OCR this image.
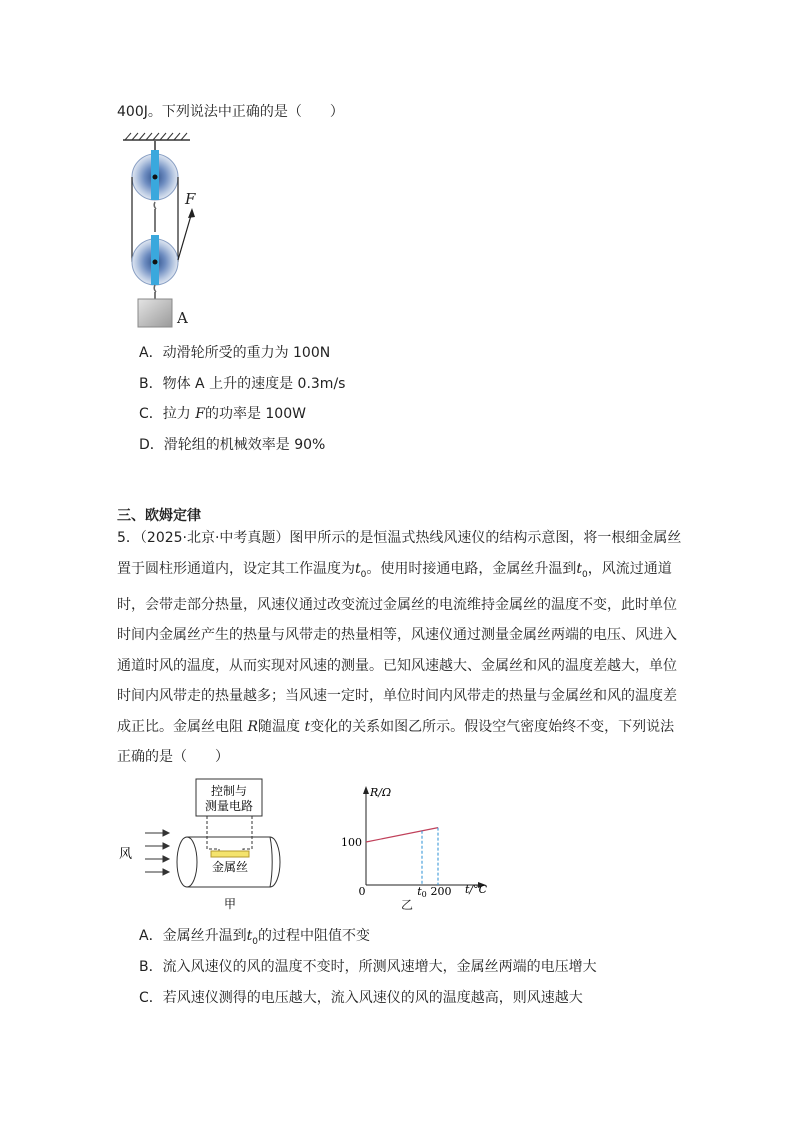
400J。下列说法中正确的是（　　）
F
A
A．动滑轮所受的重力为 100N
B．物体 A 上升的速度是 0.3m/s
C．拉力 F的功率是 100W
D．滑轮组的机械效率是 90%
三、欧姆定律
5．（2025·北京·中考真题）图甲所示的是恒温式热线风速仪的结构示意图，将一根细金属丝置于圆柱形通道内，设定其工作温度为$t_0$。使用时接通电路，金属丝升温到$t_0$，风流过通道时，会带走部分热量，风速仪通过改变流过金属丝的电流维持金属丝的温度不变，此时单位时间内金属丝产生的热量与风带走的热量相等，风速仪通过测量金属丝两端的电压、风进入通道时风的温度，从而实现对风速的测量。已知风速越大、金属丝和风的温度差越大，单位时间内风带走的热量越多；当风速一定时，单位时间内风带走的热量与金属丝和风的温度差成正比。金属丝电阻 R随温度 t变化的关系如图乙所示。假设空气密度始终不变，下列说法正确的是（　　）
控制与
测量电路
金属丝
风
甲
R/Ω
t/°C
0
100
t0 200
乙
A．金属丝升温到$t_0$的过程中阻值不变
B．流入风速仪的风的温度不变时，所测风速增大，金属丝两端的电压增大
C．若风速仪测得的电压越大，流入风速仪的风的温度越高，则风速越大
